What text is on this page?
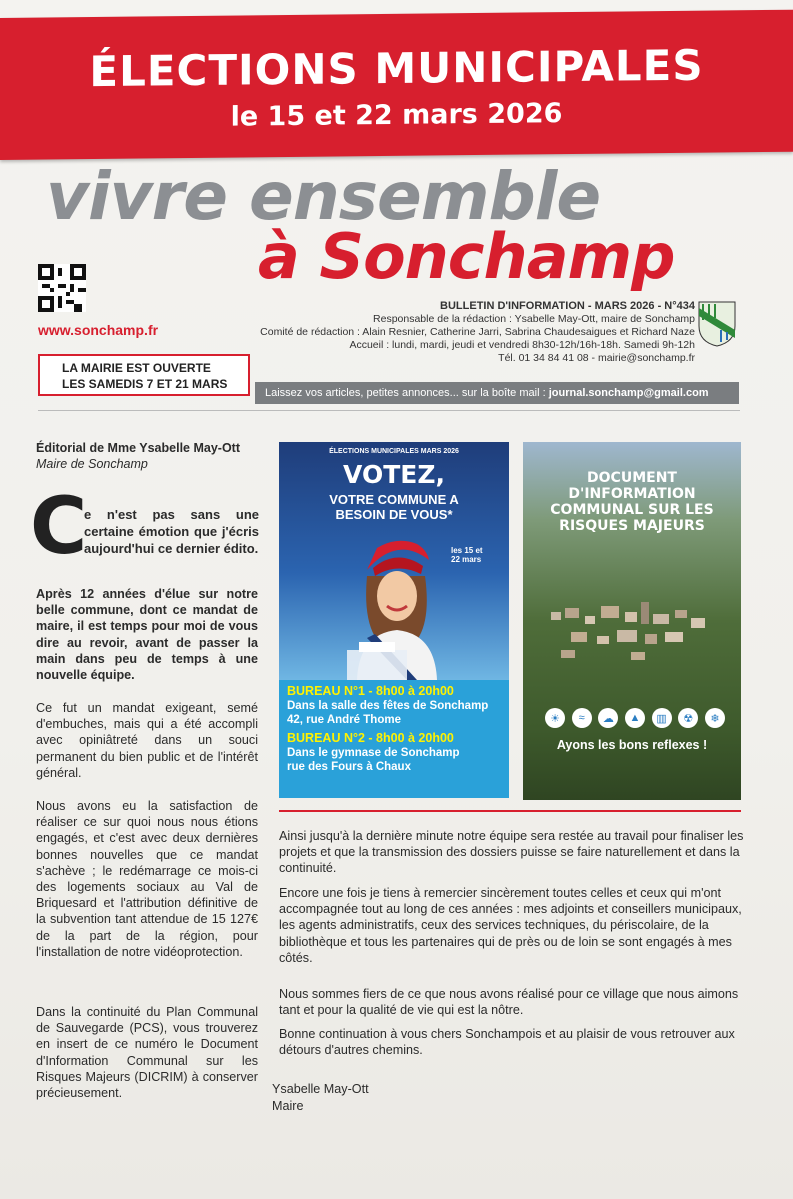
ÉLECTIONS MUNICIPALES
le 15 et 22 mars 2026
vivre ensemble
à Sonchamp
www.sonchamp.fr
BULLETIN D'INFORMATION - MARS 2026 - N°434
Responsable de la rédaction : Ysabelle May-Ott, maire de Sonchamp
Comité de rédaction : Alain Resnier, Catherine Jarri, Sabrina Chaudesaigues et Richard Naze
Accueil : lundi, mardi, jeudi et vendredi 8h30-12h/16h-18h. Samedi 9h-12h
Tél. 01 34 84 41 08 - mairie@sonchamp.fr
LA MAIRIE EST OUVERTE
LES SAMEDIS 7 ET 21 MARS
Laissez vos articles, petites annonces... sur la boîte mail : journal.sonchamp@gmail.com
Éditorial de Mme Ysabelle May-Ott
Maire de Sonchamp
C
e n'est pas sans une certaine émotion que j'écris aujourd'hui ce dernier édito.
Après 12 années d'élue sur notre belle commune, dont ce mandat de maire, il est temps pour moi de vous dire au revoir, avant de passer la main dans peu de temps à une nouvelle équipe.
Ce fut un mandat exigeant, semé d'embuches, mais qui a été accompli avec opiniâtreté dans un souci permanent du bien public et de l'intérêt général.
Nous avons eu la satisfaction de réaliser ce sur quoi nous nous étions engagés, et c'est avec deux dernières bonnes nouvelles que ce mandat s'achève ; le redémarrage ce mois-ci des logements sociaux au Val de Briquesard et l'attribution définitive de la subvention tant attendue de 15 127€ de la part de la région, pour l'installation de notre vidéoprotection.
Dans la continuité du Plan Communal de Sauvegarde (PCS), vous trouverez en insert de ce numéro le Document d'Information Communal sur les Risques Majeurs (DICRIM) à conserver précieusement.
ÉLECTIONS MUNICIPALES MARS 2026
VOTEZ,
VOTRE COMMUNE A
BESOIN DE VOUS*
les 15 et
22 mars
BUREAU N°1 - 8h00 à 20h00
Dans la salle des fêtes de Sonchamp
42, rue André Thome
BUREAU N°2 - 8h00 à 20h00
Dans le gymnase de Sonchamp
rue des Fours à Chaux
DOCUMENT D'INFORMATION
COMMUNAL SUR LES
RISQUES MAJEURS
☀	≈	☁	▲	▥	☢	❄
Ayons les bons reflexes !
Ainsi jusqu'à la dernière minute notre équipe sera restée au travail pour finaliser les projets et que la transmission des dossiers puisse se faire naturellement et dans la continuité.
Encore une fois je tiens à remercier sincèrement toutes celles et ceux qui m'ont accompagnée tout au long de ces années : mes adjoints et conseillers municipaux, les agents administratifs, ceux des services techniques, du périscolaire, de la bibliothèque et tous les partenaires qui de près ou de loin se sont engagés à mes côtés.
Nous sommes fiers de ce que nous avons réalisé pour ce village que nous aimons tant et pour la qualité de vie qui est la nôtre.
Bonne continuation à vous chers Sonchampois et au plaisir de vous retrouver aux détours d'autres chemins.
Ysabelle May-Ott
Maire
